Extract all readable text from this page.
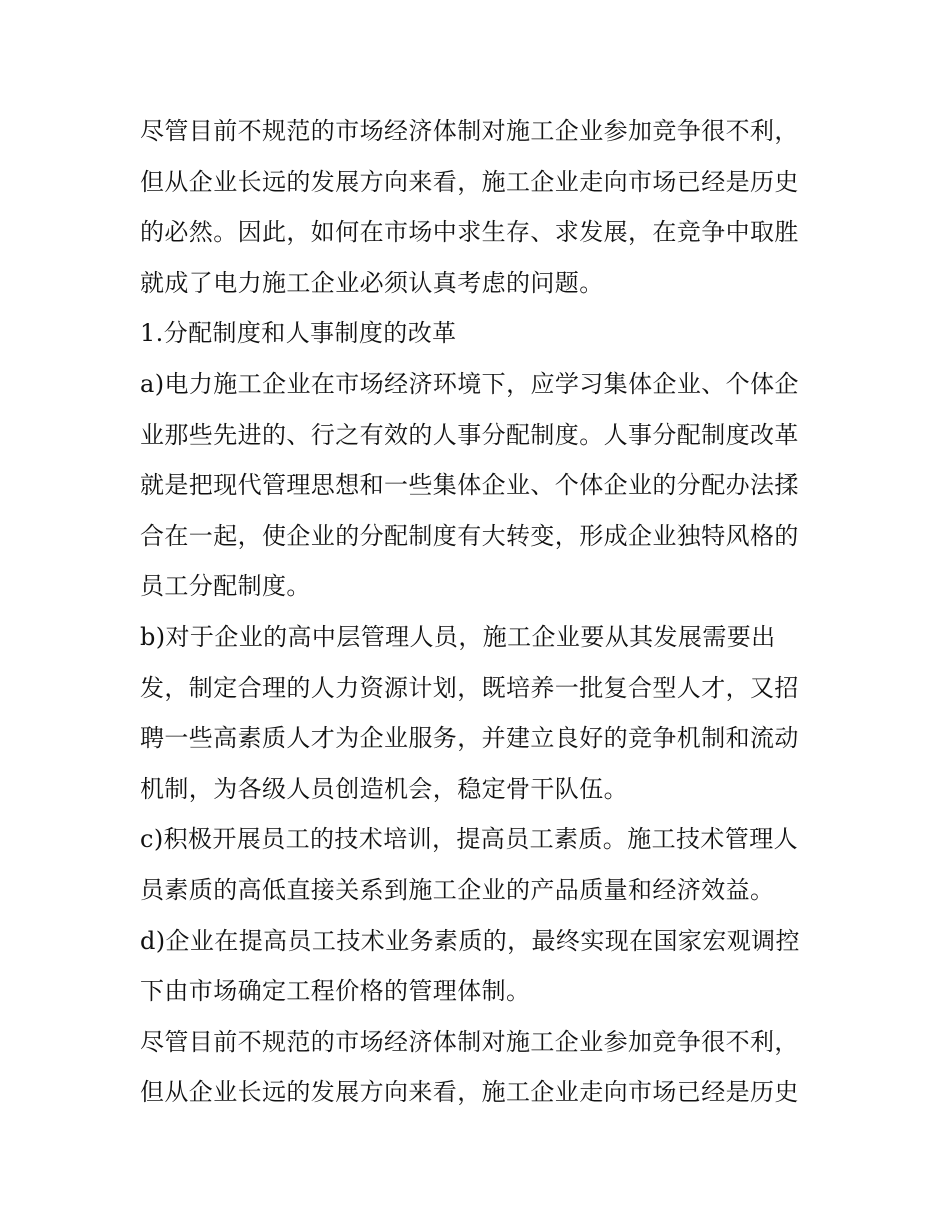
尽管目前不规范的市场经济体制对施工企业参加竞争很不利，
但从企业长远的发展方向来看，施工企业走向市场已经是历史
的必然。因此，如何在市场中求生存、求发展，在竞争中取胜
就成了电力施工企业必须认真考虑的问题。
1.分配制度和人事制度的改革
a)电力施工企业在市场经济环境下，应学习集体企业、个体企
业那些先进的、行之有效的人事分配制度。人事分配制度改革
就是把现代管理思想和一些集体企业、个体企业的分配办法揉
合在一起，使企业的分配制度有大转变，形成企业独特风格的
员工分配制度。
b)对于企业的高中层管理人员，施工企业要从其发展需要出
发，制定合理的人力资源计划，既培养一批复合型人才，又招
聘一些高素质人才为企业服务，并建立良好的竞争机制和流动
机制，为各级人员创造机会，稳定骨干队伍。
c)积极开展员工的技术培训，提高员工素质。施工技术管理人
员素质的高低直接关系到施工企业的产品质量和经济效益。
d)企业在提高员工技术业务素质的，最终实现在国家宏观调控
下由市场确定工程价格的管理体制。
尽管目前不规范的市场经济体制对施工企业参加竞争很不利，
但从企业长远的发展方向来看，施工企业走向市场已经是历史
